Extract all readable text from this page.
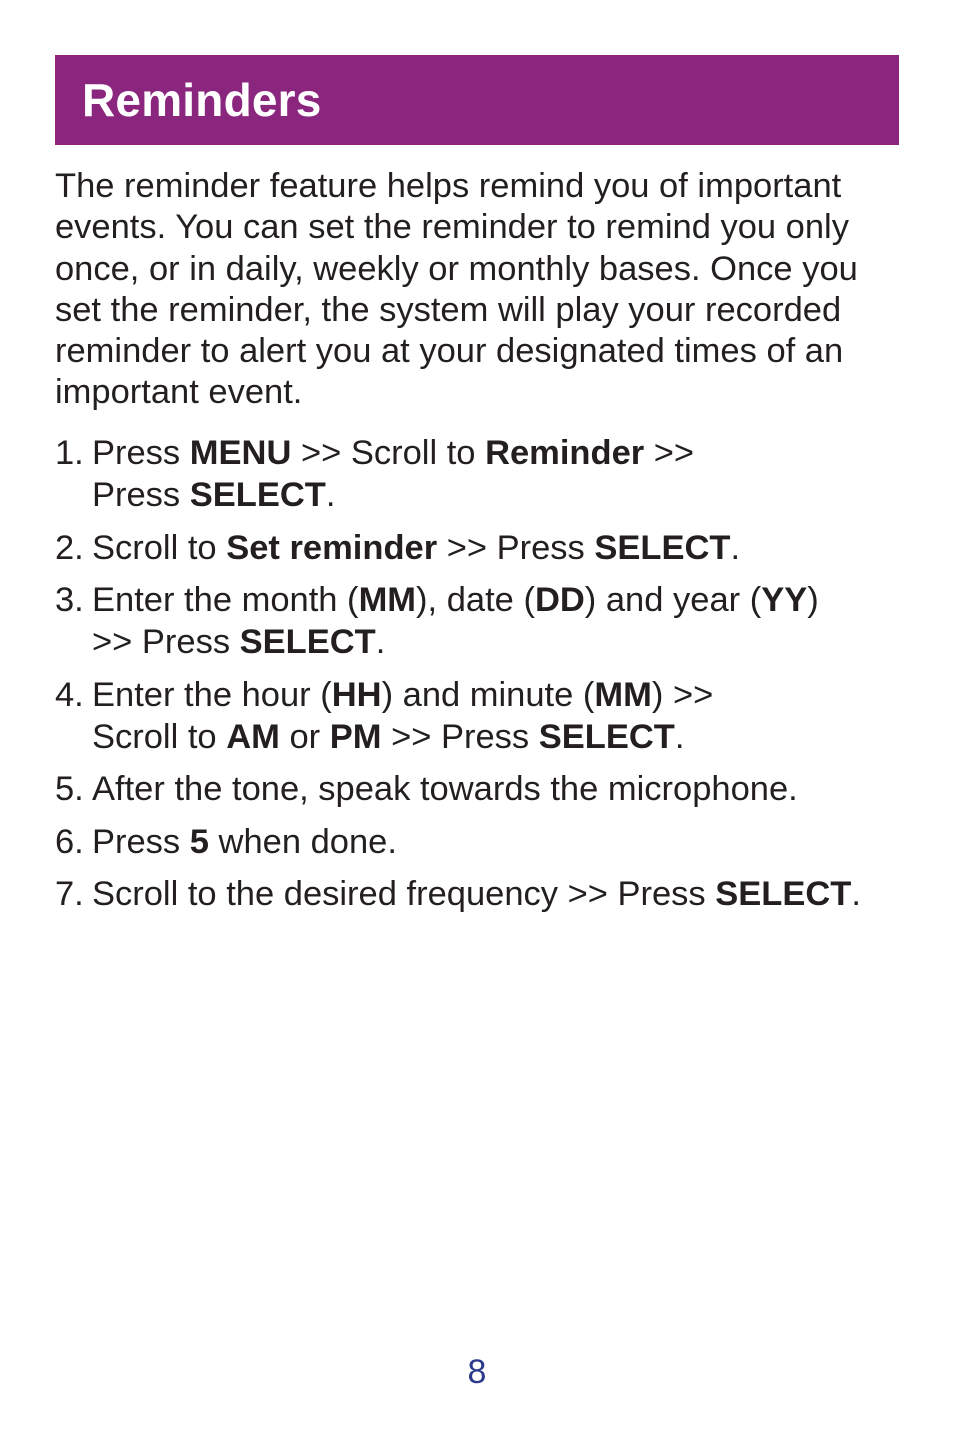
Reminders

The reminder feature helps remind you of important events. You can set the reminder to remind you only once, or in daily, weekly or monthly bases. Once you set the reminder, the system will play your recorded reminder to alert you at your designated times of an important event.

1. Press MENU >> Scroll to Reminder >>
Press SELECT.
2. Scroll to Set reminder >> Press SELECT.
3. Enter the month (MM), date (DD) and year (YY)
>> Press SELECT.
4. Enter the hour (HH) and minute (MM) >>
Scroll to AM or PM >> Press SELECT.
5. After the tone, speak towards the microphone.
6. Press 5 when done.
7. Scroll to the desired frequency >> Press SELECT.
8
